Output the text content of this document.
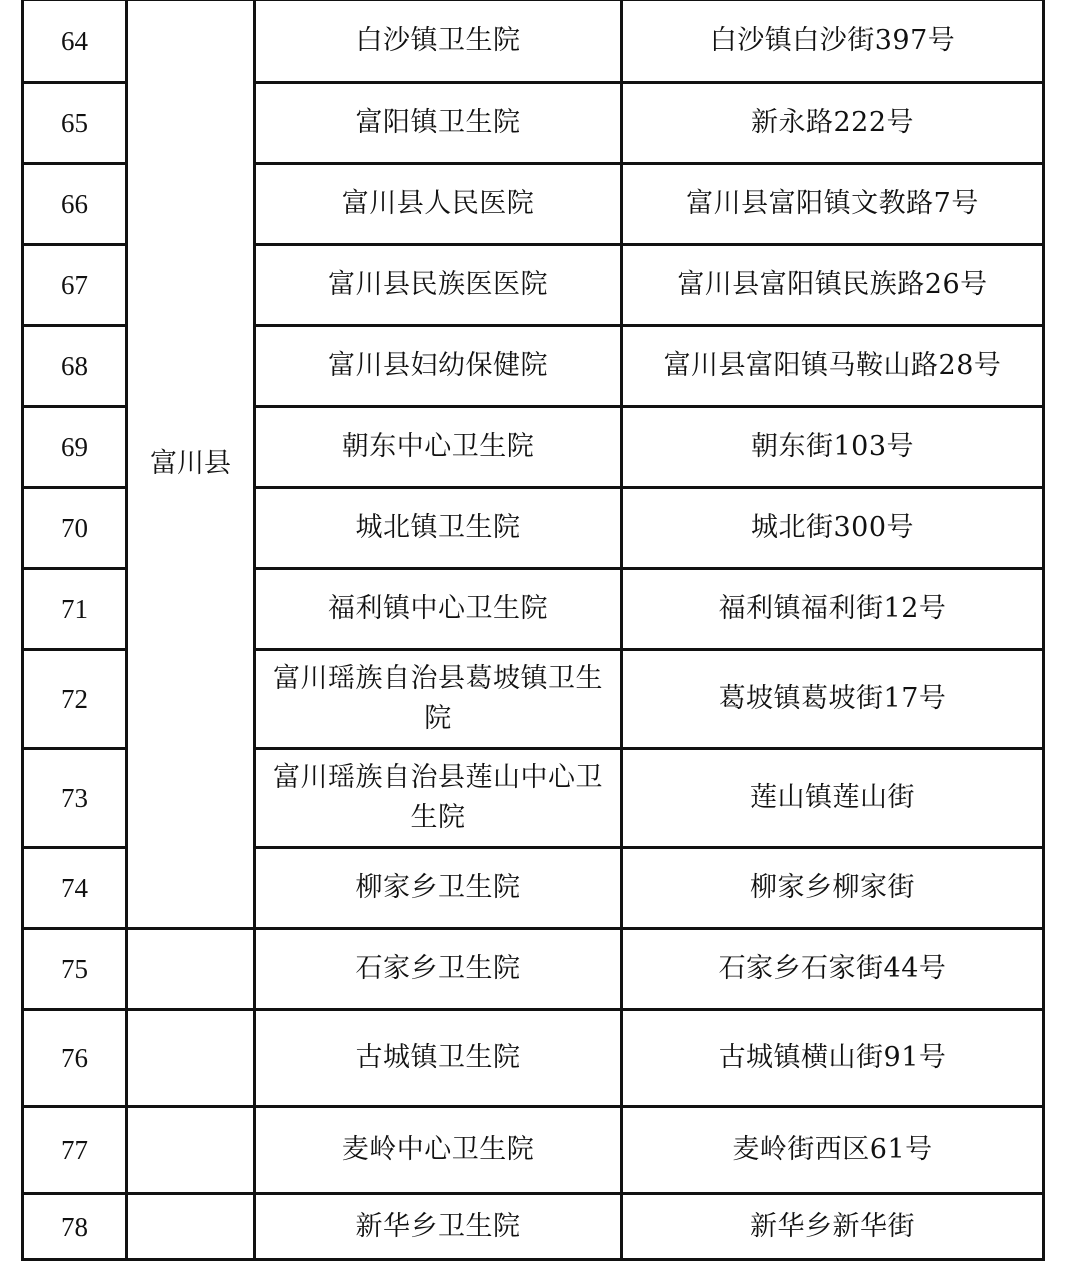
64	富川县	白沙镇卫生院	白沙镇白沙街397号
65		富阳镇卫生院	新永路222号
66		富川县人民医院	富川县富阳镇文教路7号
67		富川县民族医医院	富川县富阳镇民族路26号
68		富川县妇幼保健院	富川县富阳镇马鞍山路28号
69		朝东中心卫生院	朝东街103号
70		城北镇卫生院	城北街300号
71		福利镇中心卫生院	福利镇福利街12号
72		富川瑶族自治县葛坡镇卫生院	葛坡镇葛坡街17号
73		富川瑶族自治县莲山中心卫生院	莲山镇莲山街
74		柳家乡卫生院	柳家乡柳家街
75		石家乡卫生院	石家乡石家街44号
76		古城镇卫生院	古城镇横山街91号
77		麦岭中心卫生院	麦岭街西区61号
78		新华乡卫生院	新华乡新华街
